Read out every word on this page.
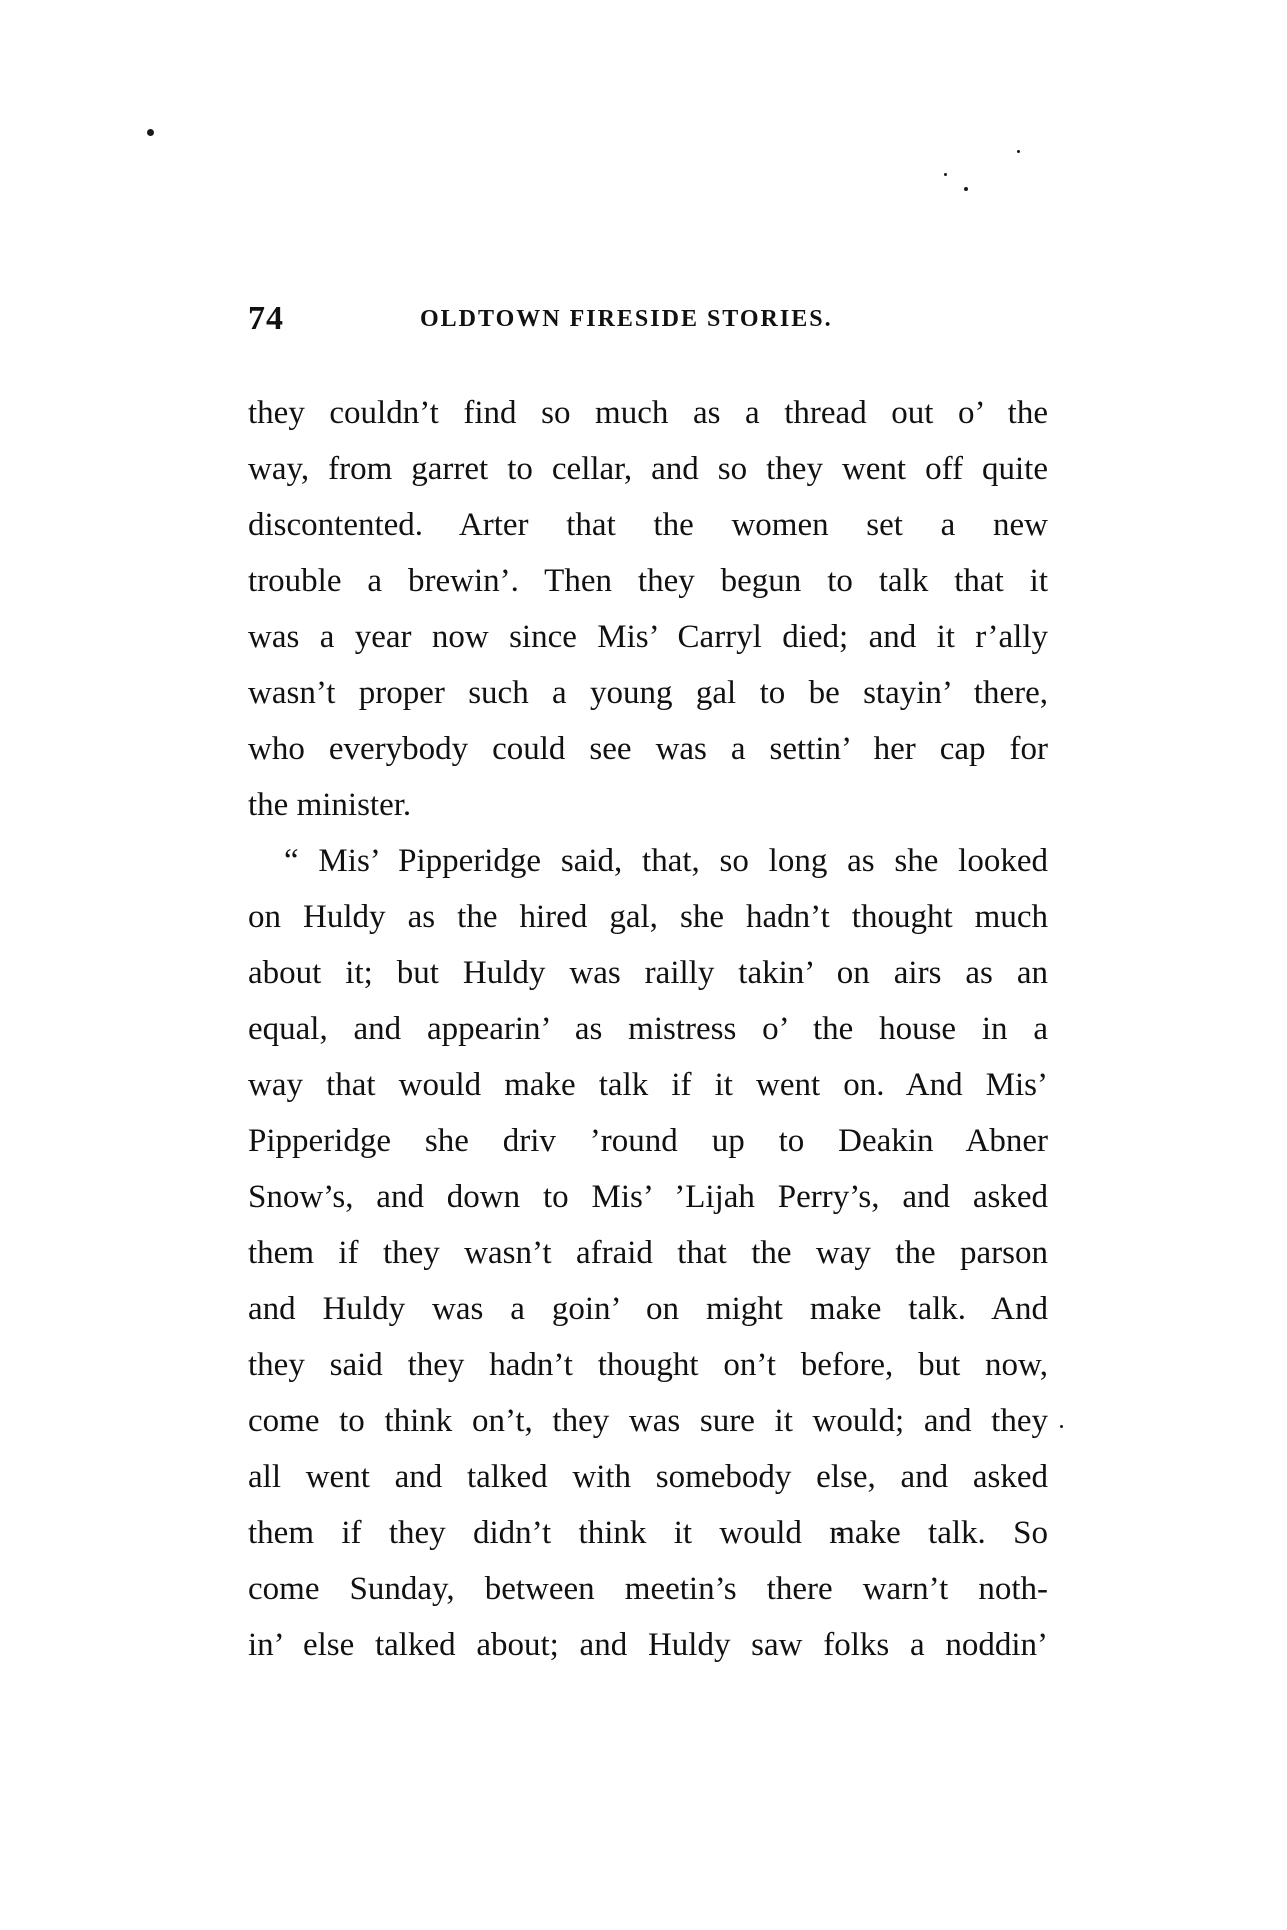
74	OLDTOWN FIRESIDE STORIES.
they couldn’t find so much as a thread out o’ the
way, from garret to cellar, and so they went off quite
discontented. Arter that the women set a new
trouble a brewin’. Then they begun to talk that it
was a year now since Mis’ Carryl died; and it r’ally
wasn’t proper such a young gal to be stayin’ there,
who everybody could see was a settin’ her cap for
the minister.
“ Mis’ Pipperidge said, that, so long as she looked
on Huldy as the hired gal, she hadn’t thought much
about it; but Huldy was railly takin’ on airs as an
equal, and appearin’ as mistress o’ the house in a
way that would make talk if it went on. And Mis’
Pipperidge she driv ’round up to Deakin Abner
Snow’s, and down to Mis’ ’Lijah Perry’s, and asked
them if they wasn’t afraid that the way the parson
and Huldy was a goin’ on might make talk. And
they said they hadn’t thought on’t before, but now,
come to think on’t, they was sure it would; and they
all went and talked with somebody else, and asked
them if they didn’t think it would make talk. So
come Sunday, between meetin’s there warn’t noth-
in’ else talked about; and Huldy saw folks a noddin’
